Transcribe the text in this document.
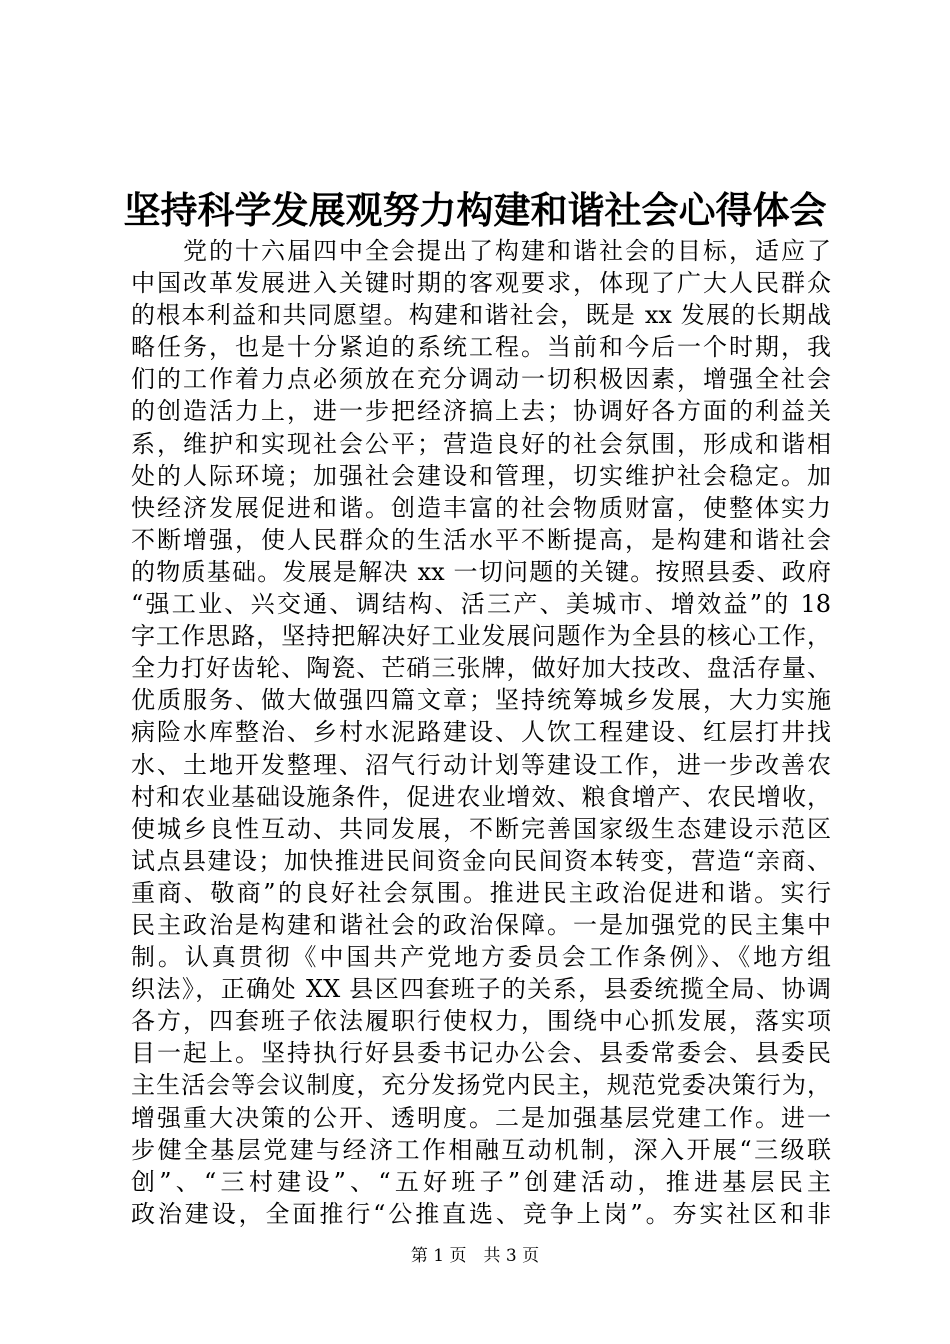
坚持科学发展观努力构建和谐社会心得体会
　　党的十六届四中全会提出了构建和谐社会的目标，适应了
中国改革发展进入关键时期的客观要求，体现了广大人民群众
的根本利益和共同愿望。构建和谐社会，既是 xx 发展的长期战
略任务，也是十分紧迫的系统工程。当前和今后一个时期，我
们的工作着力点必须放在充分调动一切积极因素，增强全社会
的创造活力上，进一步把经济搞上去；协调好各方面的利益关
系，维护和实现社会公平；营造良好的社会氛围，形成和谐相
处的人际环境；加强社会建设和管理，切实维护社会稳定。加
快经济发展促进和谐。创造丰富的社会物质财富，使整体实力
不断增强，使人民群众的生活水平不断提高，是构建和谐社会
的物质基础。发展是解决 xx 一切问题的关键。按照县委、政府
“强工业、兴交通、调结构、活三产、美城市、增效益”的 18
字工作思路，坚持把解决好工业发展问题作为全县的核心工作，
全力打好齿轮、陶瓷、芒硝三张牌，做好加大技改、盘活存量、
优质服务、做大做强四篇文章；坚持统筹城乡发展，大力实施
病险水库整治、乡村水泥路建设、人饮工程建设、红层打井找
水、土地开发整理、沼气行动计划等建设工作，进一步改善农
村和农业基础设施条件，促进农业增效、粮食增产、农民增收，
使城乡良性互动、共同发展，不断完善国家级生态建设示范区
试点县建设；加快推进民间资金向民间资本转变，营造“亲商、
重商、敬商”的良好社会氛围。推进民主政治促进和谐。实行
民主政治是构建和谐社会的政治保障。一是加强党的民主集中
制。认真贯彻《中国共产党地方委员会工作条例》、《地方组
织法》，正确处 XX 县区四套班子的关系，县委统揽全局、协调
各方，四套班子依法履职行使权力，围绕中心抓发展，落实项
目一起上。坚持执行好县委书记办公会、县委常委会、县委民
主生活会等会议制度，充分发扬党内民主，规范党委决策行为，
增强重大决策的公开、透明度。二是加强基层党建工作。进一
步健全基层党建与经济工作相融互动机制，深入开展“三级联
创”、“三村建设”、“五好班子”创建活动，推进基层民主
政治建设，全面推行“公推直选、竞争上岗”。夯实社区和非
第 1 页　共 3 页
